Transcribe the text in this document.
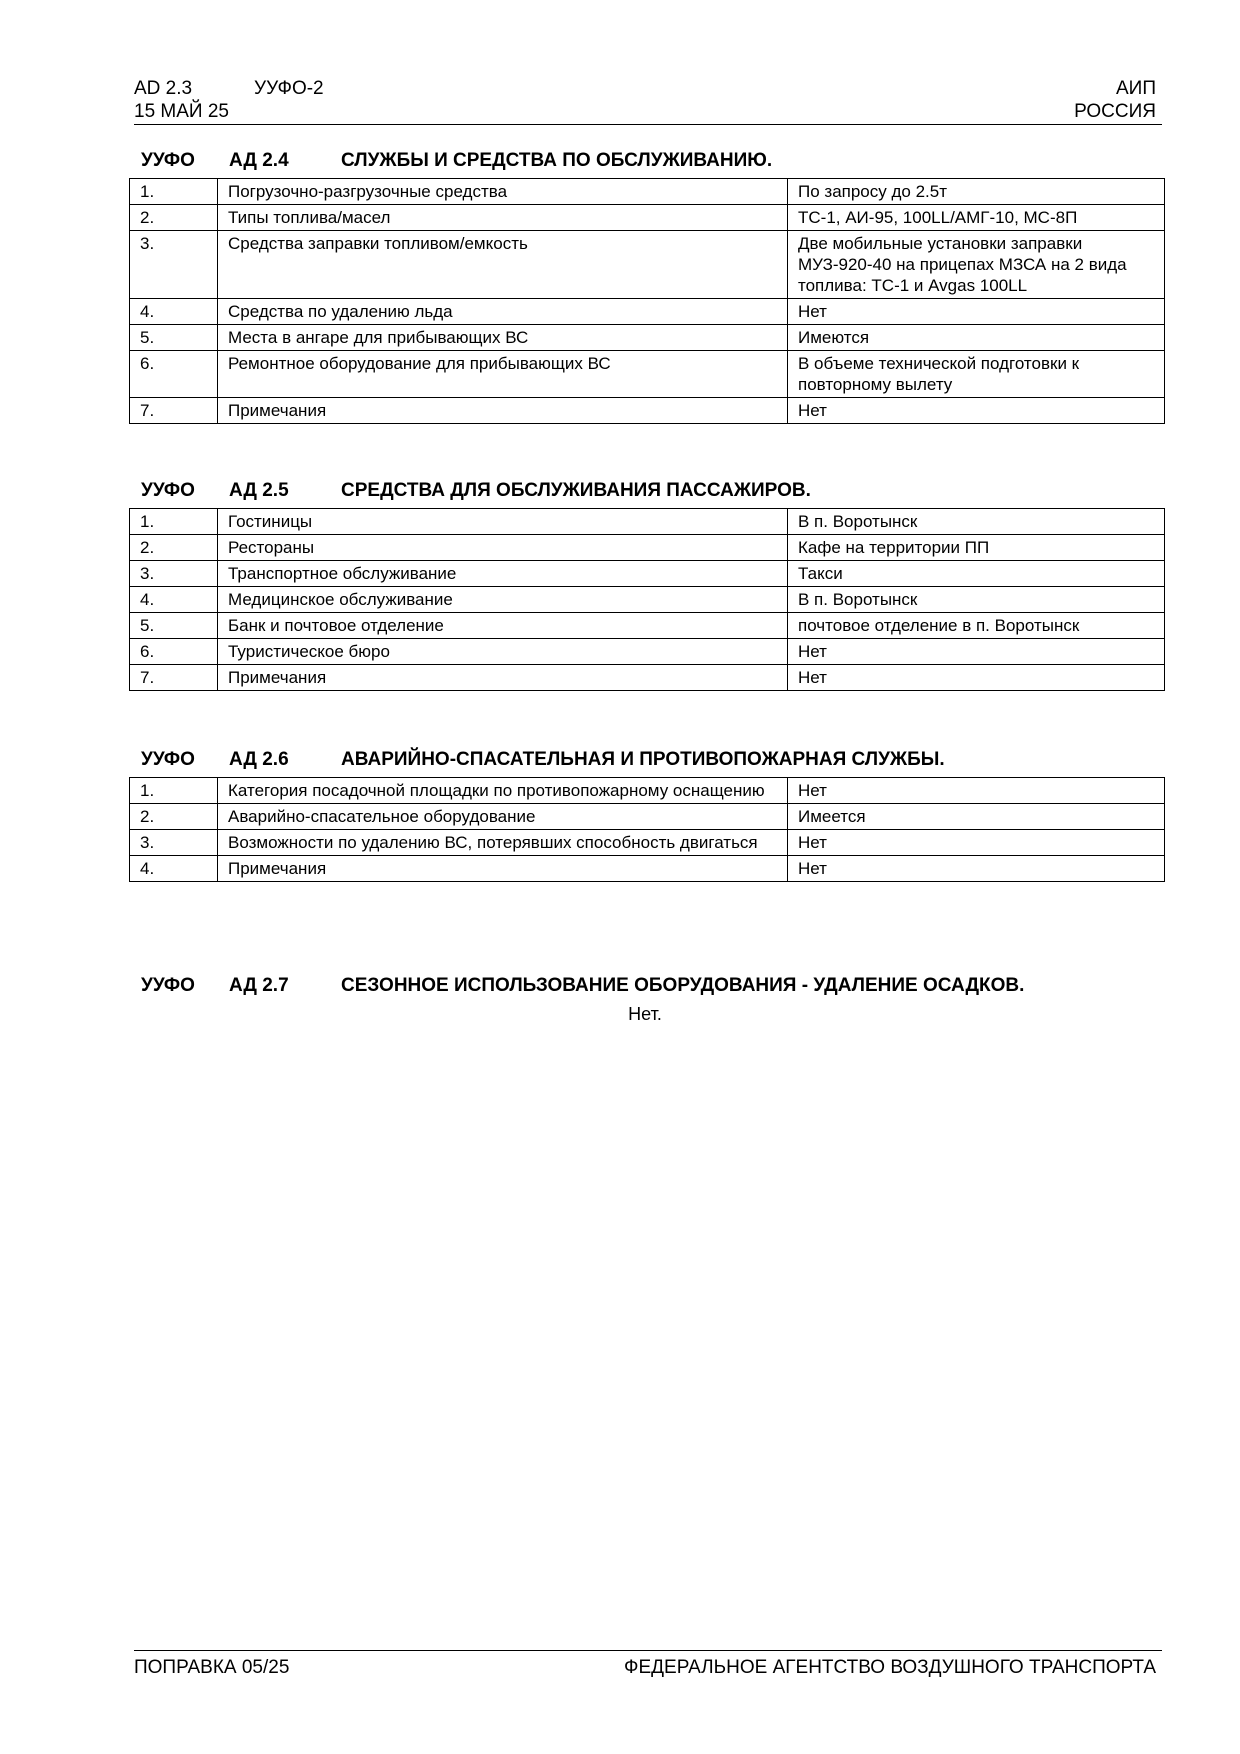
AD 2.3	УУФО-2
15 МАЙ 25
АИП
РОССИЯ
УУФО АД 2.4	СЛУЖБЫ И СРЕДСТВА ПО ОБСЛУЖИВАНИЮ.
1.	Погрузочно-разгрузочные средства	По запросу до 2.5т
2.	Типы топлива/масел	ТС-1, АИ-95, 100LL/АМГ-10, МС-8П
3.	Средства заправки топливом/емкость	Две мобильные установки заправки МУЗ-920-40 на прицепах МЗСА на 2 вида топлива: ТС-1 и Avgas 100LL
4.	Средства по удалению льда	Нет
5.	Места в ангаре для прибывающих ВС	Имеются
6.	Ремонтное оборудование для прибывающих ВС	В объеме технической подготовки к повторному вылету
7.	Примечания	Нет
УУФО АД 2.5	СРЕДСТВА ДЛЯ ОБСЛУЖИВАНИЯ ПАССАЖИРОВ.
1.	Гостиницы	В п. Воротынск
2.	Рестораны	Кафе на территории ПП
3.	Транспортное обслуживание	Такси
4.	Медицинское обслуживание	В п. Воротынск
5.	Банк и почтовое отделение	почтовое отделение в п. Воротынск
6.	Туристическое бюро	Нет
7.	Примечания	Нет
УУФО АД 2.6	АВАРИЙНО-СПАСАТЕЛЬНАЯ И ПРОТИВОПОЖАРНАЯ СЛУЖБЫ.
1.	Категория посадочной площадки по противопожарному оснащению	Нет
2.	Аварийно-спасательное оборудование	Имеется
3.	Возможности по удалению ВС, потерявших способность двигаться	Нет
4.	Примечания	Нет
УУФО АД 2.7	СЕЗОННОЕ ИСПОЛЬЗОВАНИЕ ОБОРУДОВАНИЯ - УДАЛЕНИЕ ОСАДКОВ.
Нет.
ПОПРАВКА 05/25	ФЕДЕРАЛЬНОЕ АГЕНТСТВО ВОЗДУШНОГО ТРАНСПОРТА
